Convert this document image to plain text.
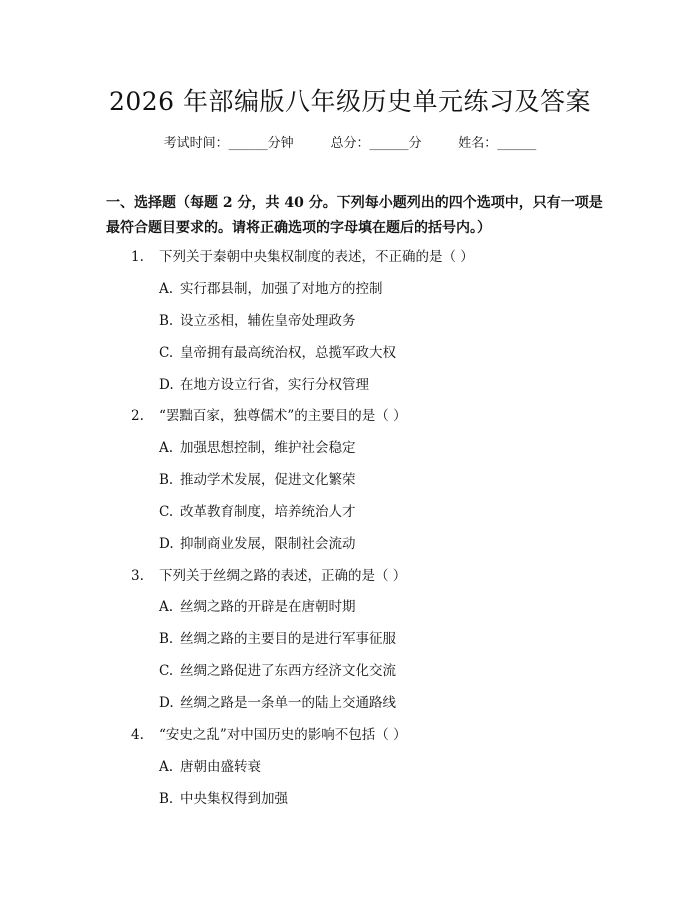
2026 年部编版八年级历史单元练习及答案
考试时间：______分钟	总分：______分	姓名：______
一、选择题（每题 2 分，共 40 分。下列每小题列出的四个选项中，只有一项是最符合题目要求的。请将正确选项的字母填在题后的括号内。）
1. 下列关于秦朝中央集权制度的表述，不正确的是（ ）
A. 实行郡县制，加强了对地方的控制
B. 设立丞相，辅佐皇帝处理政务
C. 皇帝拥有最高统治权，总揽军政大权
D. 在地方设立行省，实行分权管理
2. “罢黜百家，独尊儒术”的主要目的是（ ）
A. 加强思想控制，维护社会稳定
B. 推动学术发展，促进文化繁荣
C. 改革教育制度，培养统治人才
D. 抑制商业发展，限制社会流动
3. 下列关于丝绸之路的表述，正确的是（ ）
A. 丝绸之路的开辟是在唐朝时期
B. 丝绸之路的主要目的是进行军事征服
C. 丝绸之路促进了东西方经济文化交流
D. 丝绸之路是一条单一的陆上交通路线
4. “安史之乱”对中国历史的影响不包括（ ）
A. 唐朝由盛转衰
B. 中央集权得到加强
